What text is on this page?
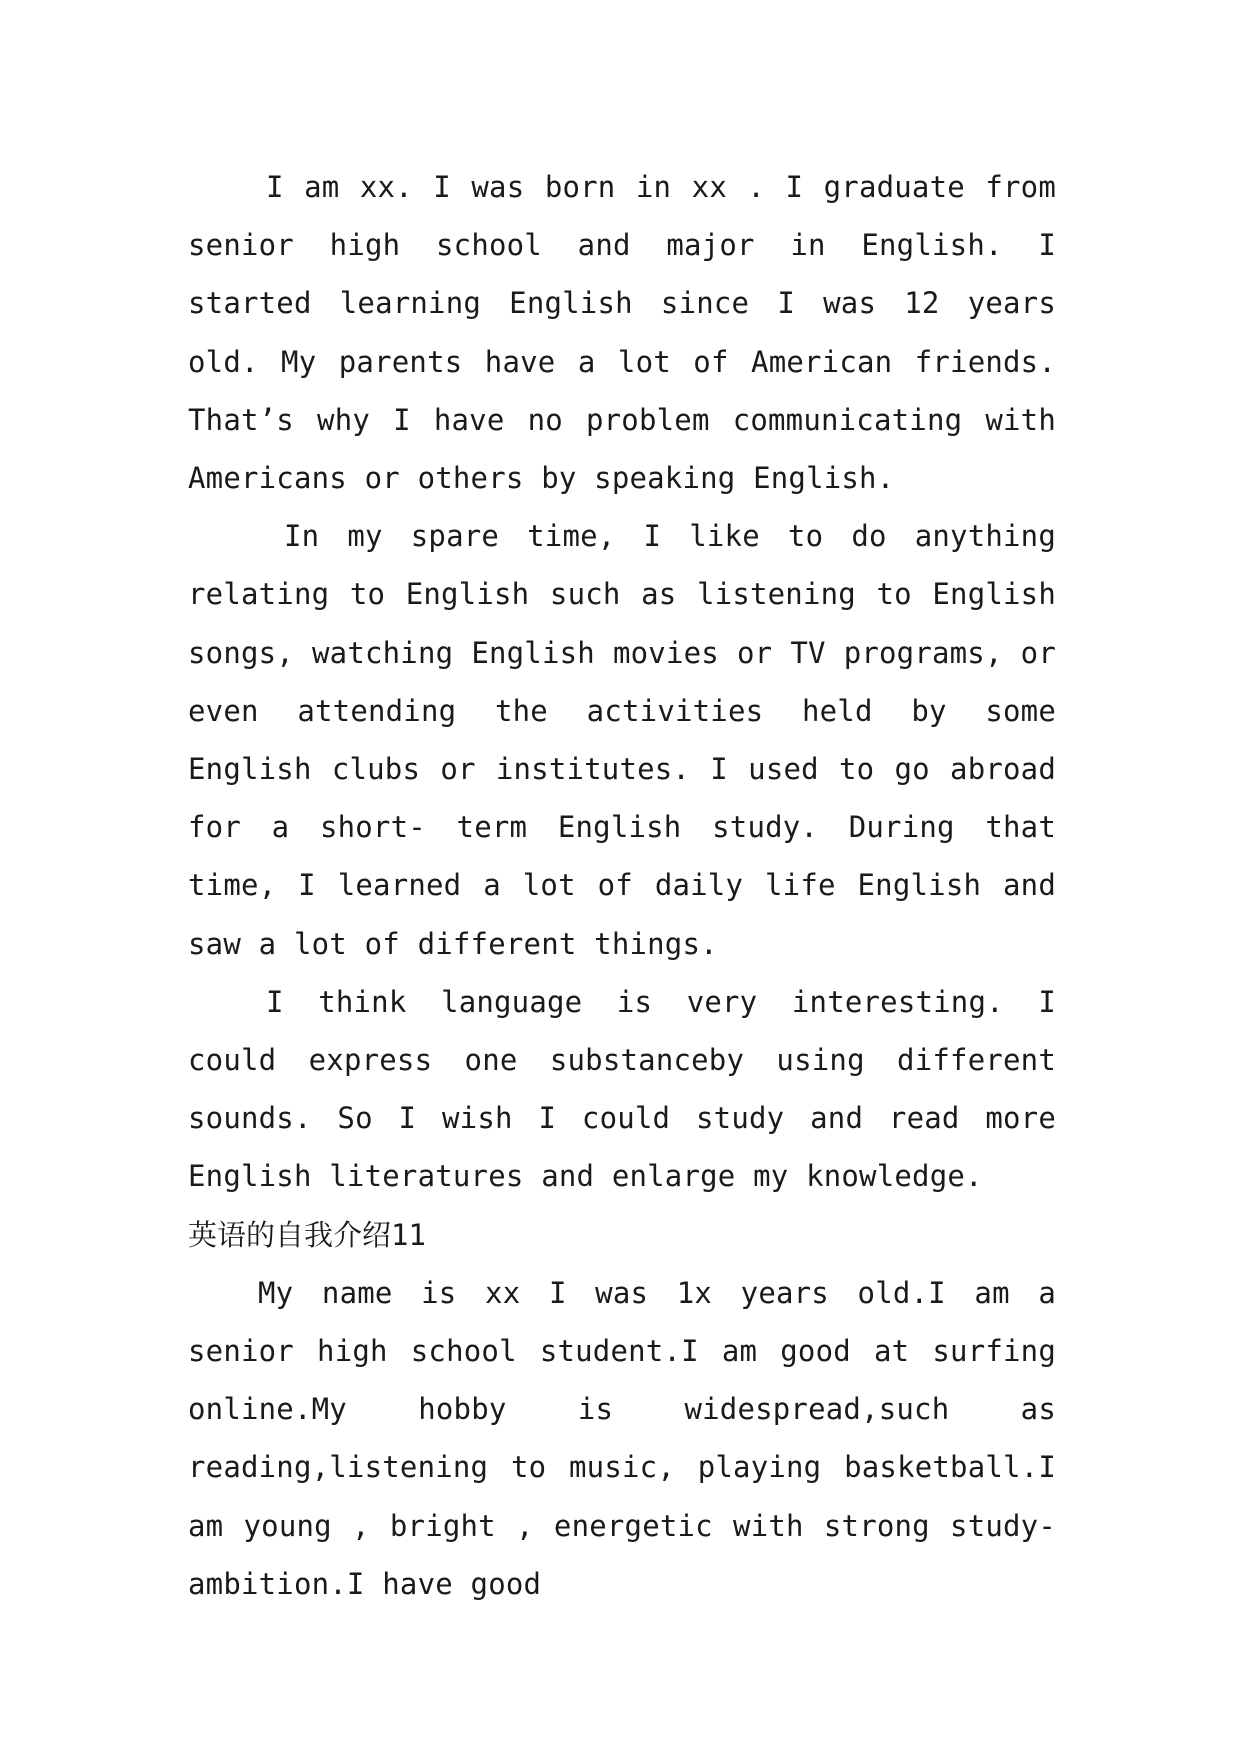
I am xx. I was born in xx . I graduate from senior high school and major in English. I started learning English since I was 12 years old. My parents have a lot of American friends. That’s why I have no problem communicating with Americans or others by speaking English.

In my spare time, I like to do anything relating to English such as listening to English songs, watching English movies or TV programs, or even attending the activities held by some English clubs or institutes. I used to go abroad for a short- term English study. During that time, I learned a lot of daily life English and saw a lot of different things.

I think language is very interesting. I could express one substanceby using different sounds. So I wish I could study and read more English literatures and enlarge my knowledge.

英语的自我介绍11

My name is xx I was 1x years old.I am a senior high school student.I am good at surfing online.My hobby is widespread,such as reading,listening to music, playing basketball.I am young , bright , energetic with strong study-ambition.I have good
